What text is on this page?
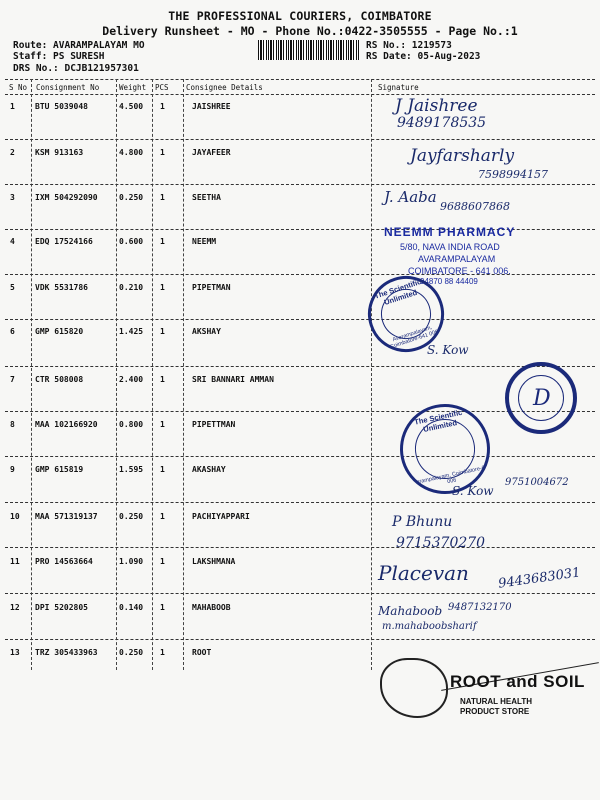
THE PROFESSIONAL COURIERS, COIMBATORE
Delivery Runsheet - MO - Phone No.:0422-3505555 - Page No.:1
Route: AVARAMPALAYAM MO
Staff: PS SURESH
DRS No.: DCJB121957301
RS No.: 1219573
RS Date: 05-Aug-2023
S No Consignment No	Weight PCS Consignee Details	Signature
1	BTU 5039048	4.500 1	JAISHREE
2	KSM 913163	4.800 1	JAYAFEER
3	IXM 504292090	0.250 1	SEETHA
4	EDQ 17524166	0.600 1	NEEMM
5	VDK 5531786	0.210 1	PIPETMAN
6	GMP 615820	1.425 1	AKSHAY
7	CTR 508008	2.400 1	SRI BANNARI AMMAN
8	MAA 102166920	0.800 1	PIPETTMAN
9	GMP 615819	1.595 1	AKASHAY
10 MAA 571319137	0.250 1	PACHIYAPPARI
11 PRO 14563664	1.090 1	LAKSHMANA
12 DPI 5202805	0.140 1	MAHABOOB
13 TRZ 305433963	0.250 1	ROOT
J Jaishree
9489178535
Jayfarsharly
7598994157
J. Aaba
9688607868
NEEMM PHARMACY
5/80, NAVA INDIA ROAD
AVARAMPALAYAM
COIMBATORE - 641 006.
94870 88 44409
The Scientific Unlimited
Avarampalayam, Coimbatore-641 006
S. Kow
D
The Scientific Unlimited
Avarampalayam, Coimbatore-641 006
S. Kow
9751004672
P Bhunu
9715370270
Placevan 9443683031
Mahaboob 9487132170
m.mahaboobsharif
ROOT and SOIL
NATURAL HEALTH
PRODUCT STORE
